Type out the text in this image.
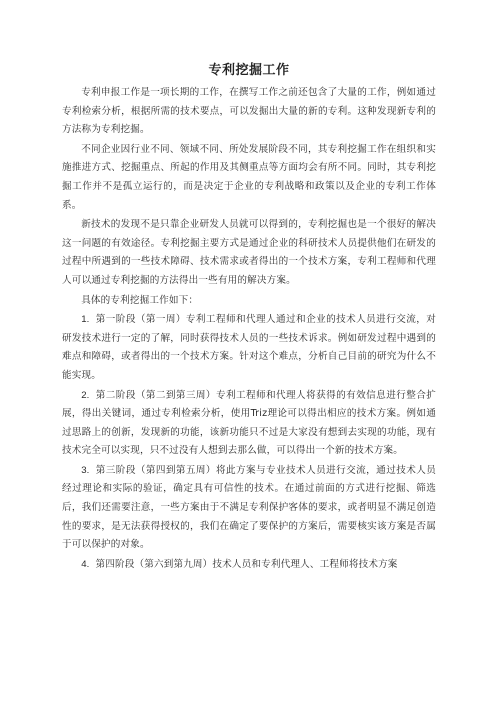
专利挖掘工作

专利申报工作是一项长期的工作，在撰写工作之前还包含了大量的工作，例如通过专利检索分析，根据所需的技术要点，可以发掘出大量的新的专利。这种发现新专利的方法称为专利挖掘。

不同企业因行业不同、领域不同、所处发展阶段不同，其专利挖掘工作在组织和实施推进方式、挖掘重点、所起的作用及其侧重点等方面均会有所不同。同时，其专利挖掘工作并不是孤立运行的，而是决定于企业的专利战略和政策以及企业的专利工作体系。

新技术的发现不是只靠企业研发人员就可以得到的，专利挖掘也是一个很好的解决这一问题的有效途径。专利挖掘主要方式是通过企业的科研技术人员提供他们在研发的过程中所遇到的一些技术障碍、技术需求或者得出的一个技术方案，专利工程师和代理人可以通过专利挖掘的方法得出一些有用的解决方案。

具体的专利挖掘工作如下：

1. 第一阶段（第一周）专利工程师和代理人通过和企业的技术人员进行交流，对研发技术进行一定的了解，同时获得技术人员的一些技术诉求。例如研发过程中遇到的难点和障碍，或者得出的一个技术方案。针对这个难点，分析自己目前的研究为什么不能实现。

2. 第二阶段（第二到第三周）专利工程师和代理人将获得的有效信息进行整合扩展，得出关键词，通过专利检索分析，使用Triz理论可以得出相应的技术方案。例如通过思路上的创新，发现新的功能，该新功能只不过是大家没有想到去实现的功能，现有技术完全可以实现，只不过没有人想到去那么做，可以得出一个新的技术方案。

3. 第三阶段（第四到第五周）将此方案与专业技术人员进行交流，通过技术人员经过理论和实际的验证，确定具有可信性的技术。在通过前面的方式进行挖掘、筛选后，我们还需要注意，一些方案由于不满足专利保护客体的要求，或者明显不满足创造性的要求，是无法获得授权的，我们在确定了要保护的方案后，需要核实该方案是否属于可以保护的对象。

4. 第四阶段（第六到第九周）技术人员和专利代理人、工程师将技术方案
